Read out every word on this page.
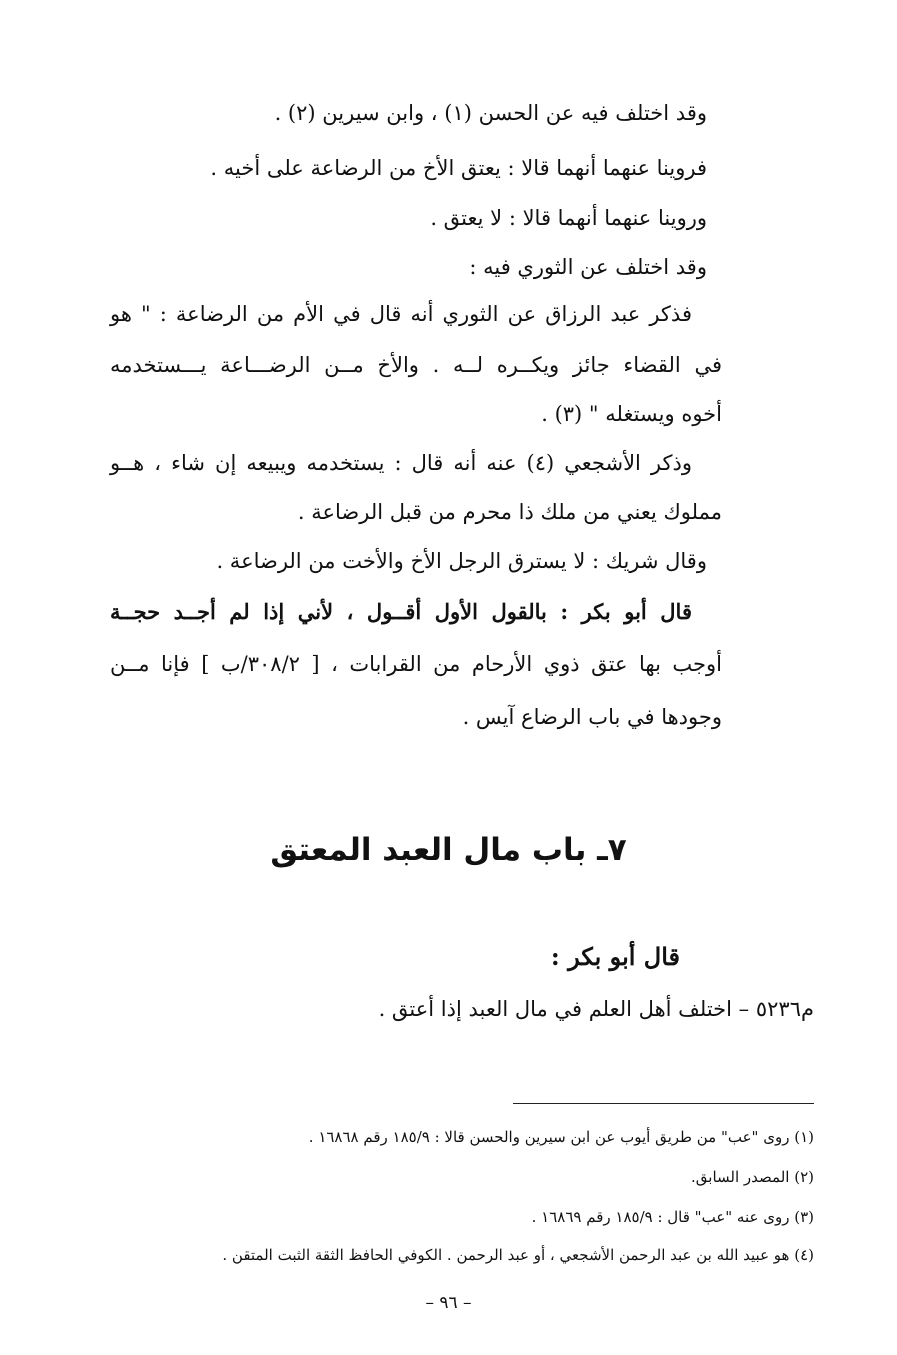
وقد اختلف فيه عن الحسن (١) ، وابن سيرين (٢) .
فروينا عنهما أنهما قالا : يعتق الأخ من الرضاعة على أخيه .
وروينا عنهما أنهما قالا : لا يعتق .
وقد اختلف عن الثوري فيه :
فذكر عبد الرزاق عن الثوري أنه قال في الأم من الرضاعة : " هو
في القضاء جائز ويكــره لــه . والأخ مــن الرضـــاعة يـــستخدمه
أخوه ويستغله " (٣) .
وذكر الأشجعي (٤) عنه أنه قال : يستخدمه ويبيعه إن شاء ، هــو
مملوك يعني من ملك ذا محرم من قبل الرضاعة .
وقال شريك : لا يسترق الرجل الأخ والأخت من الرضاعة .
قال أبو بكر : بالقول الأول أقــول ، لأني إذا لم أجــد حجــة
أوجب بها عتق ذوي الأرحام من القرابات ، [ ٣٠٨/٢/ب ] فإنا مــن
وجودها في باب الرضاع آيس .
٧ـ باب مال العبد المعتق
قال أبو بكر :
م٥٢٣٦ – اختلف أهل العلم في مال العبد إذا أعتق .
(١) روى "عب" من طريق أيوب عن ابن سيرين والحسن قالا : ١٨٥/٩ رقم ١٦٨٦٨ .
(٢) المصدر السابق.
(٣) روى عنه "عب" قال : ١٨٥/٩ رقم ١٦٨٦٩ .
(٤) هو عبيد الله بن عبد الرحمن الأشجعي ، أو عبد الرحمن . الكوفي الحافظ الثقة الثبت المتقن .
– ٩٦ –
